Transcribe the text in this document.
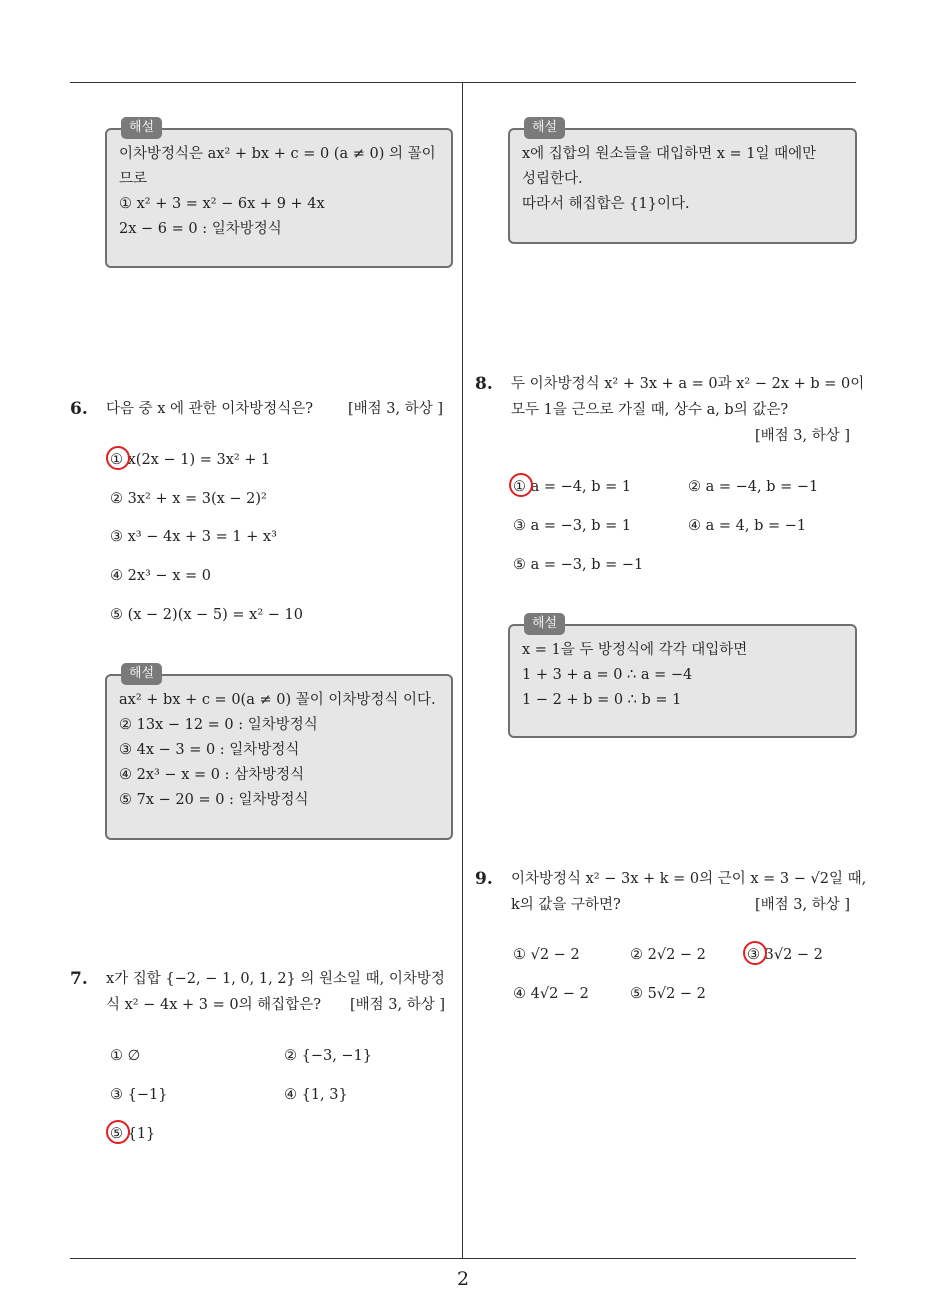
해설
이차방정식은 ax² + bx + c = 0 (a ≠ 0) 의 꼴이
므로
① x² + 3 = x² − 6x + 9 + 4x
2x − 6 = 0 : 일차방정식
6. 다음 중 x 에 관한 이차방정식은? [배점 3, 하상 ]
① x(2x − 1) = 3x² + 1
② 3x² + x = 3(x − 2)²
③ x³ − 4x + 3 = 1 + x³
④ 2x³ − x = 0
⑤ (x − 2)(x − 5) = x² − 10
해설
ax² + bx + c = 0(a ≠ 0) 꼴이 이차방정식 이다.
② 13x − 12 = 0 : 일차방정식
③ 4x − 3 = 0 : 일차방정식
④ 2x³ − x = 0 : 삼차방정식
⑤ 7x − 20 = 0 : 일차방정식
7. x가 집합 {−2, − 1, 0, 1, 2} 의 원소일 때, 이차방정
식 x² − 4x + 3 = 0의 해집합은? [배점 3, 하상 ]
① ∅	② {−3, −1}
③ {−1}	④ {1, 3}
⑤ {1}
해설
x에 집합의 원소들을 대입하면 x = 1일 때에만
성립한다.
따라서 해집합은 {1}이다.
8. 두 이차방정식 x² + 3x + a = 0과 x² − 2x + b = 0이
모두 1을 근으로 가질 때, 상수 a, b의 값은?
[배점 3, 하상 ]
① a = −4, b = 1	② a = −4, b = −1
③ a = −3, b = 1	④ a = 4, b = −1
⑤ a = −3, b = −1
해설
x = 1을 두 방정식에 각각 대입하면
1 + 3 + a = 0 ∴ a = −4
1 − 2 + b = 0 ∴ b = 1
9. 이차방정식 x² − 3x + k = 0의 근이 x = 3 − √2일 때,
k의 값을 구하면?	[배점 3, 하상 ]
① √2 − 2	② 2√2 − 2	③ 3√2 − 2
④ 4√2 − 2	⑤ 5√2 − 2
2
